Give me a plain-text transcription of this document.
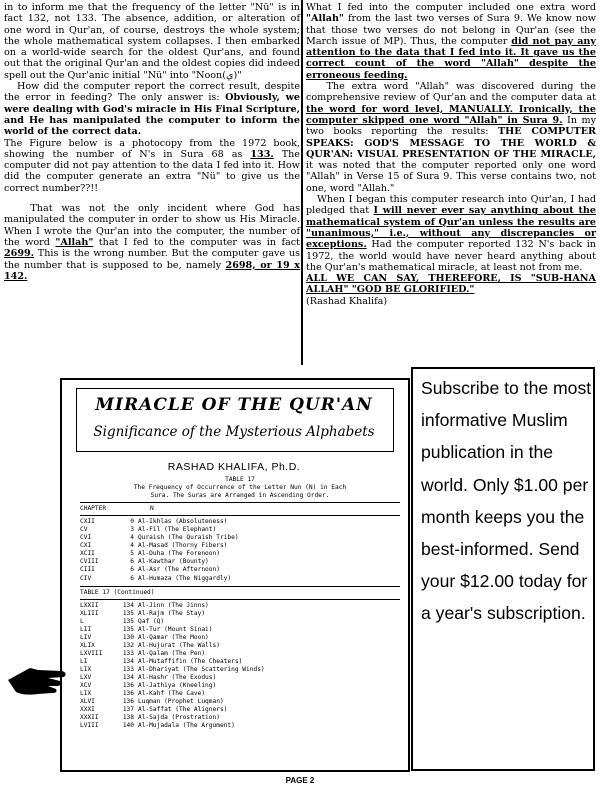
in to inform me that the frequency of the letter "Nü" is in fact 132, not 133. The absence, addition, or alteration of one word in Qur'an, of course, destroys the whole system; the whole mathematical system collapses. I then embarked on a world-wide search for the oldest Qur'ans, and found out that the original Qur'an and the oldest copies did indeed spell out the Qur'anic initial "Nü" into "Noon(ي)"

How did the computer report the correct result, despite the error in feeding? The only answer is: Obviously, we were dealing with God's miracle in His Final Scripture, and He has manipulated the computer to inform the world of the correct data.

The Figure below is a photocopy from the 1972 book, showing the number of N's in Sura 68 as 133. The computer did not pay attention to the data I fed into it. How did the computer generate an extra "Nü" to give us the correct number??!!

That was not the only incident where God has manipulated the computer in order to show us His Miracle. When I wrote the Qur'an into the computer, the number of the word "Allah" that I fed to the computer was in fact 2699. This is the wrong number. But the computer gave us the number that is supposed to be, namely 2698, or 19 x 142.

What I fed into the computer included one extra word "Allah" from the last two verses of Sura 9. We know now that those two verses do not belong in Qur'an (see the March issue of MP). Thus, the computer did not pay any attention to the data that I fed into it. It gave us the correct count of the word "Allah" despite the erroneous feeding.

The extra word "Allah" was discovered during the comprehensive review of Qur'an and the computer data at the word for word level, MANUALLY. Ironically, the computer skipped one word "Allah" in Sura 9. In my two books reporting the results: THE COMPUTER SPEAKS: GOD'S MESSAGE TO THE WORLD & QUR'AN: VISUAL PRESENTATION OF THE MIRACLE, it was noted that the computer reported only one word "Allah" in Verse 15 of Sura 9. This verse contains two, not one, word "Allah."

When I began this computer research into Qur'an, I had pledged that I will never ever say anything about the mathematical system of Qur'an unless the results are "unanimous," i.e., without any discrepancies or exceptions. Had the computer reported 132 N's back in 1972, the world would have never heard anything about the Qur'an's mathematical miracle, at least not from me.

ALL WE CAN SAY, THEREFORE, IS "SUB-HANA ALLAH" "GOD BE GLORIFIED."

(Rashad Khalifa)

MIRACLE OF THE QUR'AN
Significance of the Mysterious Alphabets
RASHAD KHALIFA, Ph.D.
TABLE 17
The Frequency of Occurrence of the Letter Nun (N) in Each
Sura. The Suras are Arranged in Ascending Order.
CHAPTER	N
CXII	0 Al-Ikhlas (Absoluteness)
CV	3 Al-Fil (The Elephant)
CVI	4 Quraish (The Quraish Tribe)
CXI	4 Al-Masad (Thorny Fibers)
XCII	5 Al-Duha (The Forenoon)
CVIII	6 Al-Kawthar (Bounty)
CIII	6 Al-Asr (The Afternoon)
CIV	6 Al-Humaza (The Niggardly)
TABLE 17 (Continued)
LXXII	134 Al-Jinn (The Jinns)
XLIII	135 Al-Rajm (The Stay)
L	135 Qaf (Q)
LII	135 Al-Tur (Mount Sinai)
LIV	130 Al-Qamar (The Moon)
XLIX	132 Al-Hujurat (The Walls)
LXVIII	133 Al-Qalam (The Pen)
LI	134 Al-Mutaffifin (The Cheaters)
LIX	133 Al-Dhariyat (The Scattering Winds)
LXV	134 Al-Hashr (The Exodus)
XCV	136 Al-Jathiya (Kneeling)
LIX	136 Al-Kahf (The Cave)
XLVI	136 Luqman (Prophet Luqman)
XXXI	137 Al-Saffat (The Aligners)
XXXII	138 Al-Sajda (Prostration)
LVIII	140 Al-Mujadala (The Argument)
Subscribe to the most informative Muslim publication in the world. Only $1.00 per month keeps you the best-informed. Send your $12.00 today for a year's subscription.
PAGE 2
